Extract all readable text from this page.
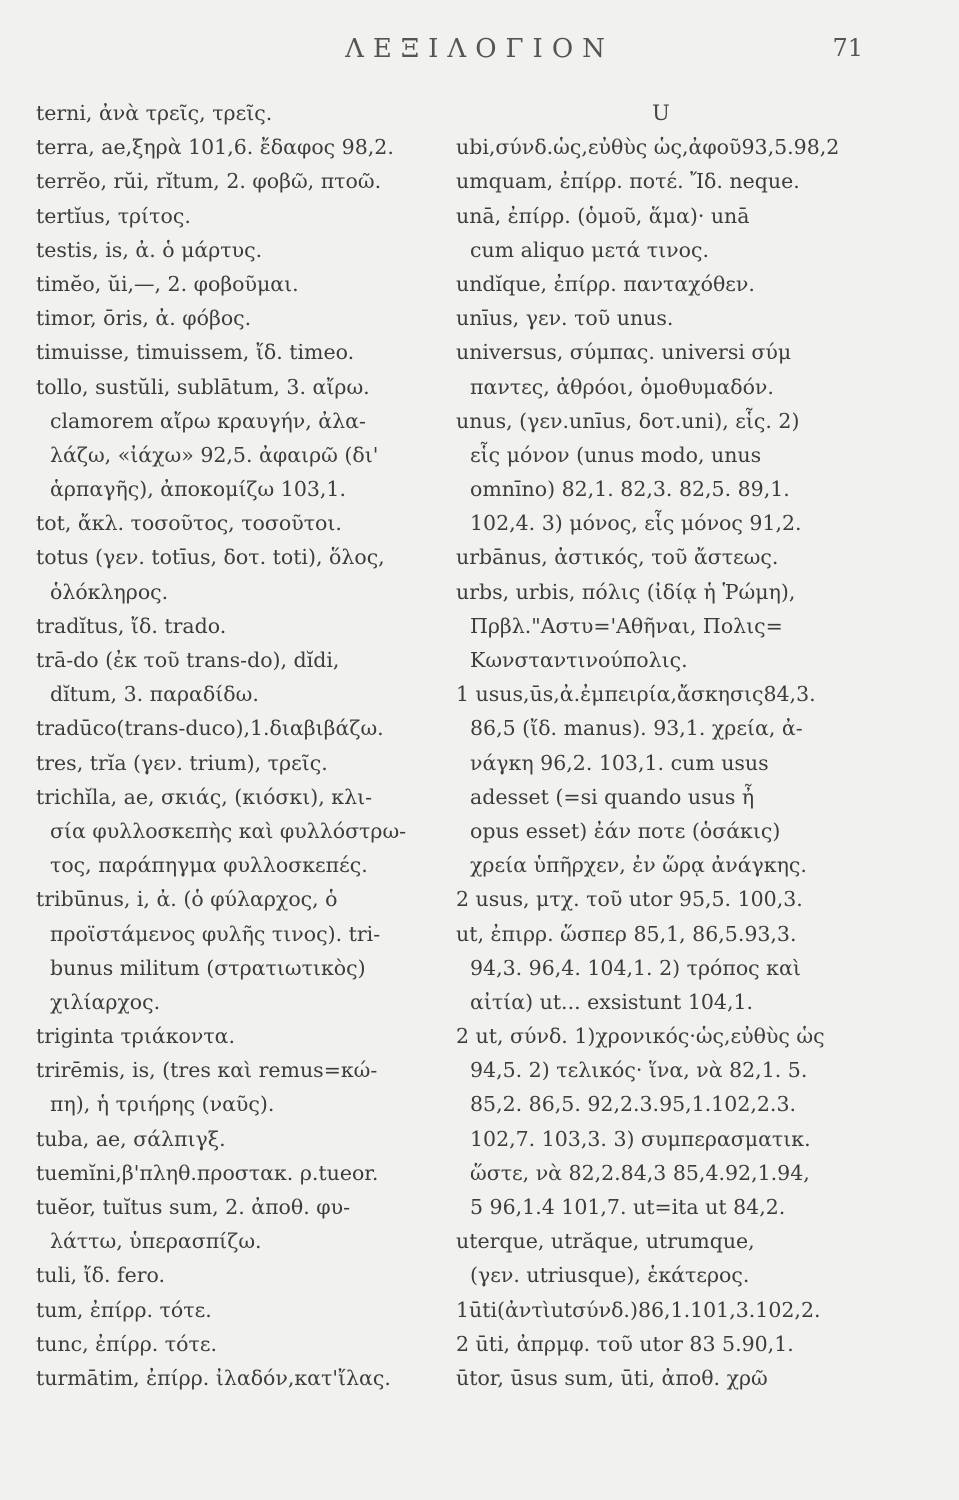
ΛΕΞΙΛΟΓΙΟΝ	71
terni, ἀνὰ τρεῖς, τρεῖς.
terra, ae,ξηρὰ 101,6. ἔδαφος 98,2.
terrĕo, rŭi, rĭtum, 2. φοβῶ, πτοῶ.
tertĭus, τρίτος.
testis, is, ἀ. ὁ μάρτυς.
timĕo, ŭi,—, 2. φοβοῦμαι.
timor, ōris, ἀ. φόβος.
timuisse, timuissem, ἴδ. timeo.
tollo, sustŭli, sublātum, 3. αἴρω.
clamorem αἴρω κραυγήν, ἀλα-
λάζω, «ἰάχω» 92,5. ἀφαιρῶ (δι'
ἁρπαγῆς), ἀποκομίζω 103,1.
tot, ἄκλ. τοσοῦτος, τοσοῦτοι.
totus (γεν. totīus, δοτ. toti), ὅλος,
ὁλόκληρος.
tradĭtus, ἴδ. trado.
trā-do (ἐκ τοῦ trans-do), dĭdi,
dĭtum, 3. παραδίδω.
tradūco(trans-duco),1.διαβιβάζω.
tres, trĭa (γεν. trium), τρεῖς.
trichĭla, ae, σκιάς, (κιόσκι), κλι-
σία φυλλοσκεπὴς καὶ φυλλόστρω-
τος, παράπηγμα φυλλοσκεπές.
tribūnus, i, ἀ. (ὁ φύλαρχος, ὁ
προϊστάμενος φυλῆς τινος). tri-
bunus militum (στρατιωτικὸς)
χιλίαρχος.
triginta τριάκοντα.
trirēmis, is, (tres καὶ remus=κώ-
πη), ἡ τριήρης (ναῦς).
tuba, ae, σάλπιγξ.
tuemĭni,β'πληθ.προστακ. ρ.tueor.
tuĕor, tuĭtus sum, 2. ἀποθ. φυ-
λάττω, ὑπερασπίζω.
tuli, ἴδ. fero.
tum, ἐπίρρ. τότε.
tunc, ἐπίρρ. τότε.
turmātim, ἐπίρρ. ἰλαδόν,κατ'ἴλας.
U
ubi,σύνδ.ὡς,εὐθὺς ὡς,ἀφοῦ93,5.98,2
umquam, ἐπίρρ. ποτέ. Ἴδ. neque.
unā, ἐπίρρ. (ὁμοῦ, ἅμα)· unā
cum aliquo μετά τινος.
undĭque, ἐπίρρ. πανταχόθεν.
unīus, γεν. τοῦ unus.
universus, σύμπας. universi σύμ
παντες, ἀθρόοι, ὁμοθυμαδόν.
unus, (γεν.unīus, δοτ.uni), εἷς. 2)
εἷς μόνον (unus modo, unus
omnīno) 82,1. 82,3. 82,5. 89,1.
102,4. 3) μόνος, εἷς μόνος 91,2.
urbānus, ἀστικός, τοῦ ἄστεως.
urbs, urbis, πόλις (ἰδίᾳ ἡ Ῥώμη),
Πρβλ."Αστυ='Αθῆναι, Πολις=
Κωνσταντινούπολις.
1 usus,ūs,ἀ.ἐμπειρία,ἄσκησις84,3.
86,5 (ἴδ. manus). 93,1. χρεία, ἀ-
νάγκη 96,2. 103,1. cum usus
adesset (=si quando usus ἦ
opus esset) ἐάν ποτε (ὁσάκις)
χρεία ὑπῆρχεν, ἐν ὥρᾳ ἀνάγκης.
2 usus, μτχ. τοῦ utor 95,5. 100,3.
ut, ἐπιρρ. ὥσπερ 85,1, 86,5.93,3.
94,3. 96,4. 104,1. 2) τρόπος καὶ
αἰτία) ut... exsistunt 104,1.
2 ut, σύνδ. 1)χρονικός·ὡς,εὐθὺς ὡς
94,5. 2) τελικός· ἵνα, νὰ 82,1. 5.
85,2. 86,5. 92,2.3.95,1.102,2.3.
102,7. 103,3. 3) συμπερασματικ.
ὥστε, νὰ 82,2.84,3 85,4.92,1.94,
5 96,1.4 101,7. ut=ita ut 84,2.
uterque, utrăque, utrumque,
(γεν. utriusque), ἑκάτερος.
1ūti(ἀντὶutσύνδ.)86,1.101,3.102,2.
2 ūti, ἀπρμφ. τοῦ utor 83 5.90,1.
ūtor, ūsus sum, ūti, ἀποθ. χρῶ
